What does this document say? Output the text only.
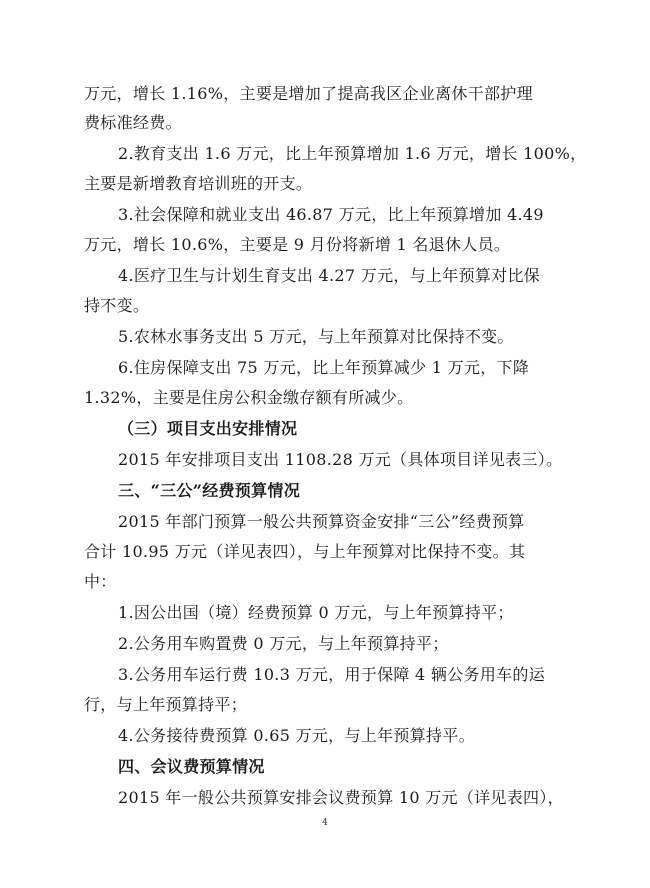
万元，增长 1.16%，主要是增加了提高我区企业离休干部护理
费标准经费。
2.教育支出 1.6 万元，比上年预算增加 1.6 万元，增长 100%，
主要是新增教育培训班的开支。
3.社会保障和就业支出 46.87 万元，比上年预算增加 4.49
万元，增长 10.6%，主要是 9 月份将新增 1 名退休人员。
4.医疗卫生与计划生育支出 4.27 万元，与上年预算对比保
持不变。
5.农林水事务支出 5 万元，与上年预算对比保持不变。
6.住房保障支出 75 万元，比上年预算减少 1 万元，下降
1.32%，主要是住房公积金缴存额有所减少。
（三）项目支出安排情况
2015 年安排项目支出 1108.28 万元（具体项目详见表三）。
三、“三公”经费预算情况
2015 年部门预算一般公共预算资金安排“三公”经费预算
合计 10.95 万元（详见表四），与上年预算对比保持不变。其
中：
1.因公出国（境）经费预算 0 万元，与上年预算持平；
2.公务用车购置费 0 万元，与上年预算持平；
3.公务用车运行费 10.3 万元，用于保障 4 辆公务用车的运
行，与上年预算持平；
4.公务接待费预算 0.65 万元，与上年预算持平。
四、会议费预算情况
2015 年一般公共预算安排会议费预算 10 万元（详见表四），
4
